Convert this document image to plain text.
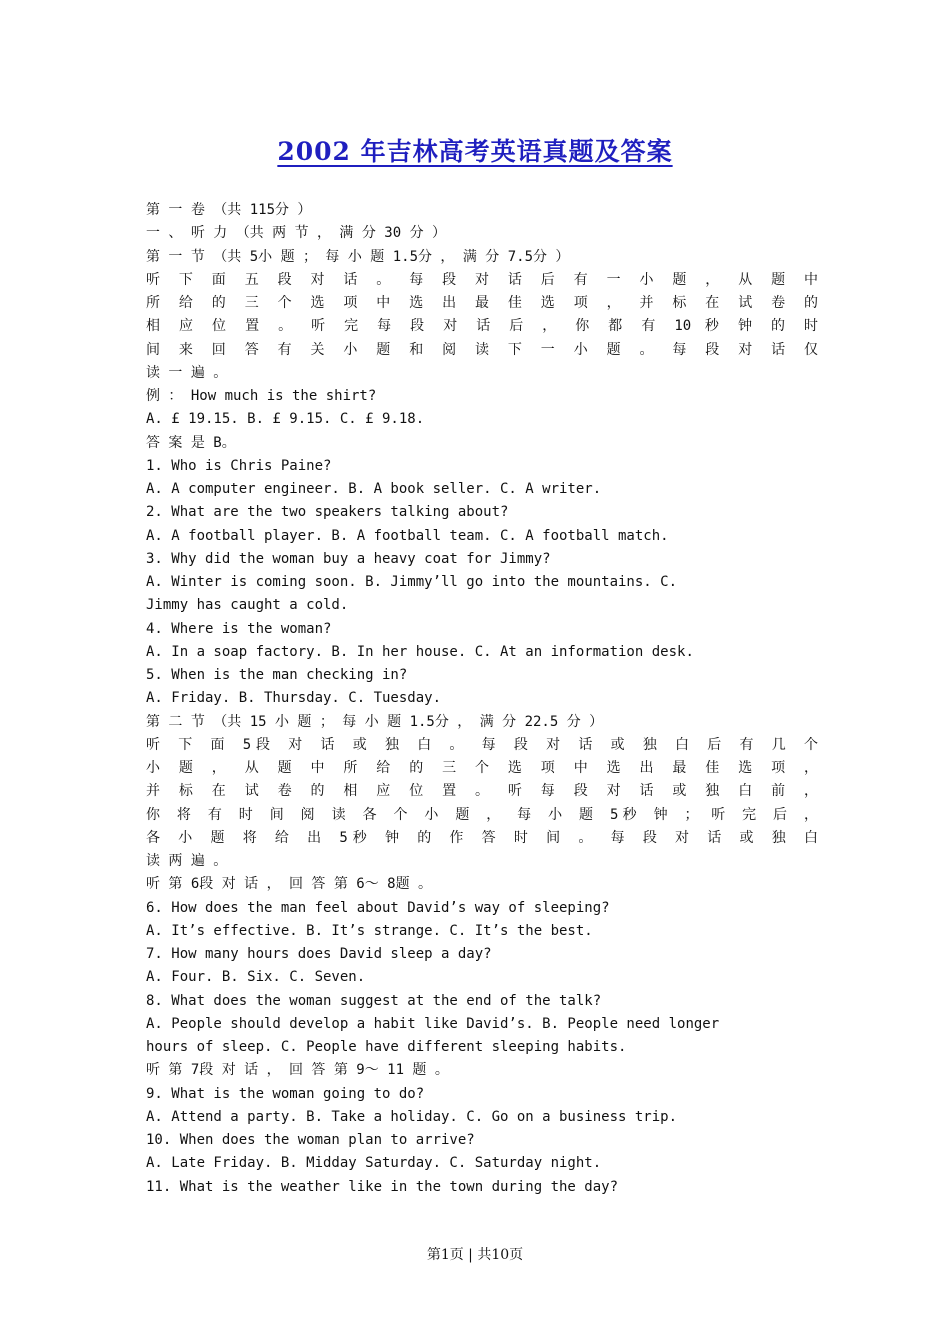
2002 年吉林高考英语真题及答案
第 一 卷 （共 115分 ）
一 、 听 力 （共 两 节 ， 满 分 30 分 ）
第 一 节 （共 5小 题 ； 每 小 题 1.5分 ， 满 分 7.5分 ）
听 下 面 五 段 对 话 。 每 段 对 话 后 有 一 小 题 ， 从 题 中
所 给 的 三 个 选 项 中 选 出 最 佳 选 项 ， 并 标 在 试 卷 的
相 应 位 置 。 听 完 每 段 对 话 后 ， 你 都 有 10 秒 钟 的 时
间 来 回 答 有 关 小 题 和 阅 读 下 一 小 题 。 每 段 对 话 仅
读 一 遍 。
例 ： How much is the shirt?
A. £ 19.15. B. £ 9.15. C. £ 9.18.
答 案 是 B。
1. Who is Chris Paine?
A. A computer engineer. B. A book seller. C. A writer.
2. What are the two speakers talking about?
A. A football player. B. A football team. C. A football match.
3. Why did the woman buy a heavy coat for Jimmy?
A. Winter is coming soon. B. Jimmy’ll go into the mountains. C.
Jimmy has caught a cold.
4. Where is the woman?
A. In a soap factory. B. In her house. C. At an information desk.
5. When is the man checking in?
A. Friday. B. Thursday. C. Tuesday.
第 二 节 （共 15 小 题 ； 每 小 题 1.5分 ， 满 分 22.5 分 ）
听 下 面 5段 对 话 或 独 白 。 每 段 对 话 或 独 白 后 有 几 个
小 题 ， 从 题 中 所 给 的 三 个 选 项 中 选 出 最 佳 选 项 ，
并 标 在 试 卷 的 相 应 位 置 。 听 每 段 对 话 或 独 白 前 ，
你 将 有 时 间 阅 读 各 个 小 题 ， 每 小 题 5秒 钟 ； 听 完 后 ，
各 小 题 将 给 出 5秒 钟 的 作 答 时 间 。 每 段 对 话 或 独 白
读 两 遍 。
听 第 6段 对 话 ， 回 答 第 6～ 8题 。
6. How does the man feel about David’s way of sleeping?
A. It’s effective. B. It’s strange. C. It’s the best.
7. How many hours does David sleep a day?
A. Four. B. Six. C. Seven.
8. What does the woman suggest at the end of the talk?
A. People should develop a habit like David’s. B. People need longer
hours of sleep. C. People have different sleeping habits.
听 第 7段 对 话 ， 回 答 第 9～ 11 题 。
9. What is the woman going to do?
A. Attend a party. B. Take a holiday. C. Go on a business trip.
10. When does the woman plan to arrive?
A. Late Friday. B. Midday Saturday. C. Saturday night.
11. What is the weather like in the town during the day?
第1页 | 共10页
